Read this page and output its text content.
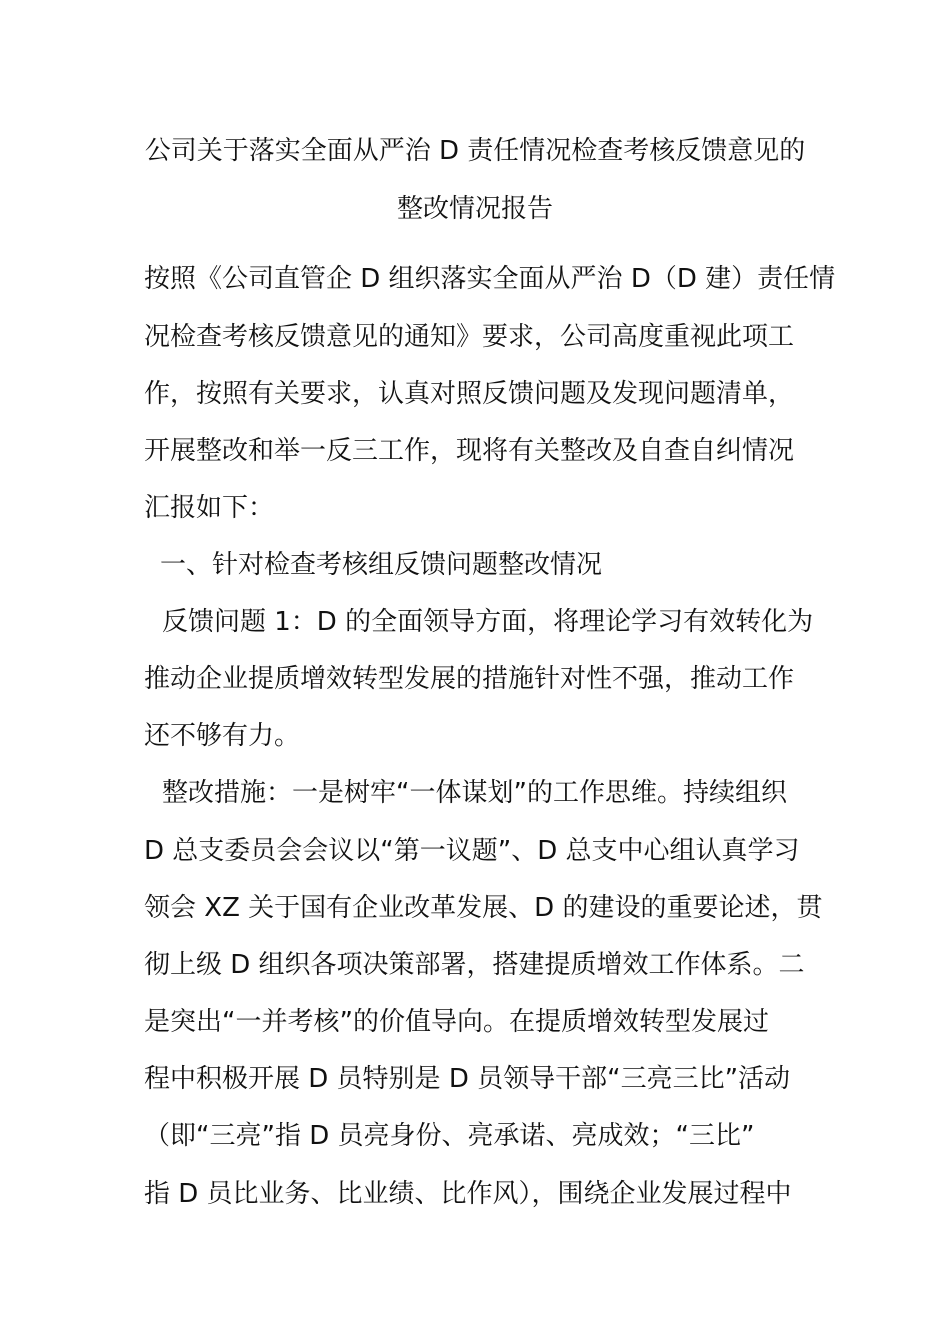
公司关于落实全面从严治 D 责任情况检查考核反馈意见的
整改情况报告
按照《公司直管企 D 组织落实全面从严治 D（D 建）责任情
况检查考核反馈意见的通知》要求，公司高度重视此项工
作，按照有关要求，认真对照反馈问题及发现问题清单，
开展整改和举一反三工作，现将有关整改及自查自纠情况
汇报如下：
一、针对检查考核组反馈问题整改情况
反馈问题 1：D 的全面领导方面，将理论学习有效转化为
推动企业提质增效转型发展的措施针对性不强，推动工作
还不够有力。
整改措施：一是树牢“一体谋划”的工作思维。持续组织
D 总支委员会会议以“第一议题”、D 总支中心组认真学习
领会 XZ 关于国有企业改革发展、D 的建设的重要论述，贯
彻上级 D 组织各项决策部署，搭建提质增效工作体系。二
是突出“一并考核”的价值导向。在提质增效转型发展过
程中积极开展 D 员特别是 D 员领导干部“三亮三比”活动
（即“三亮”指 D 员亮身份、亮承诺、亮成效；“三比”
指 D 员比业务、比业绩、比作风），围绕企业发展过程中
